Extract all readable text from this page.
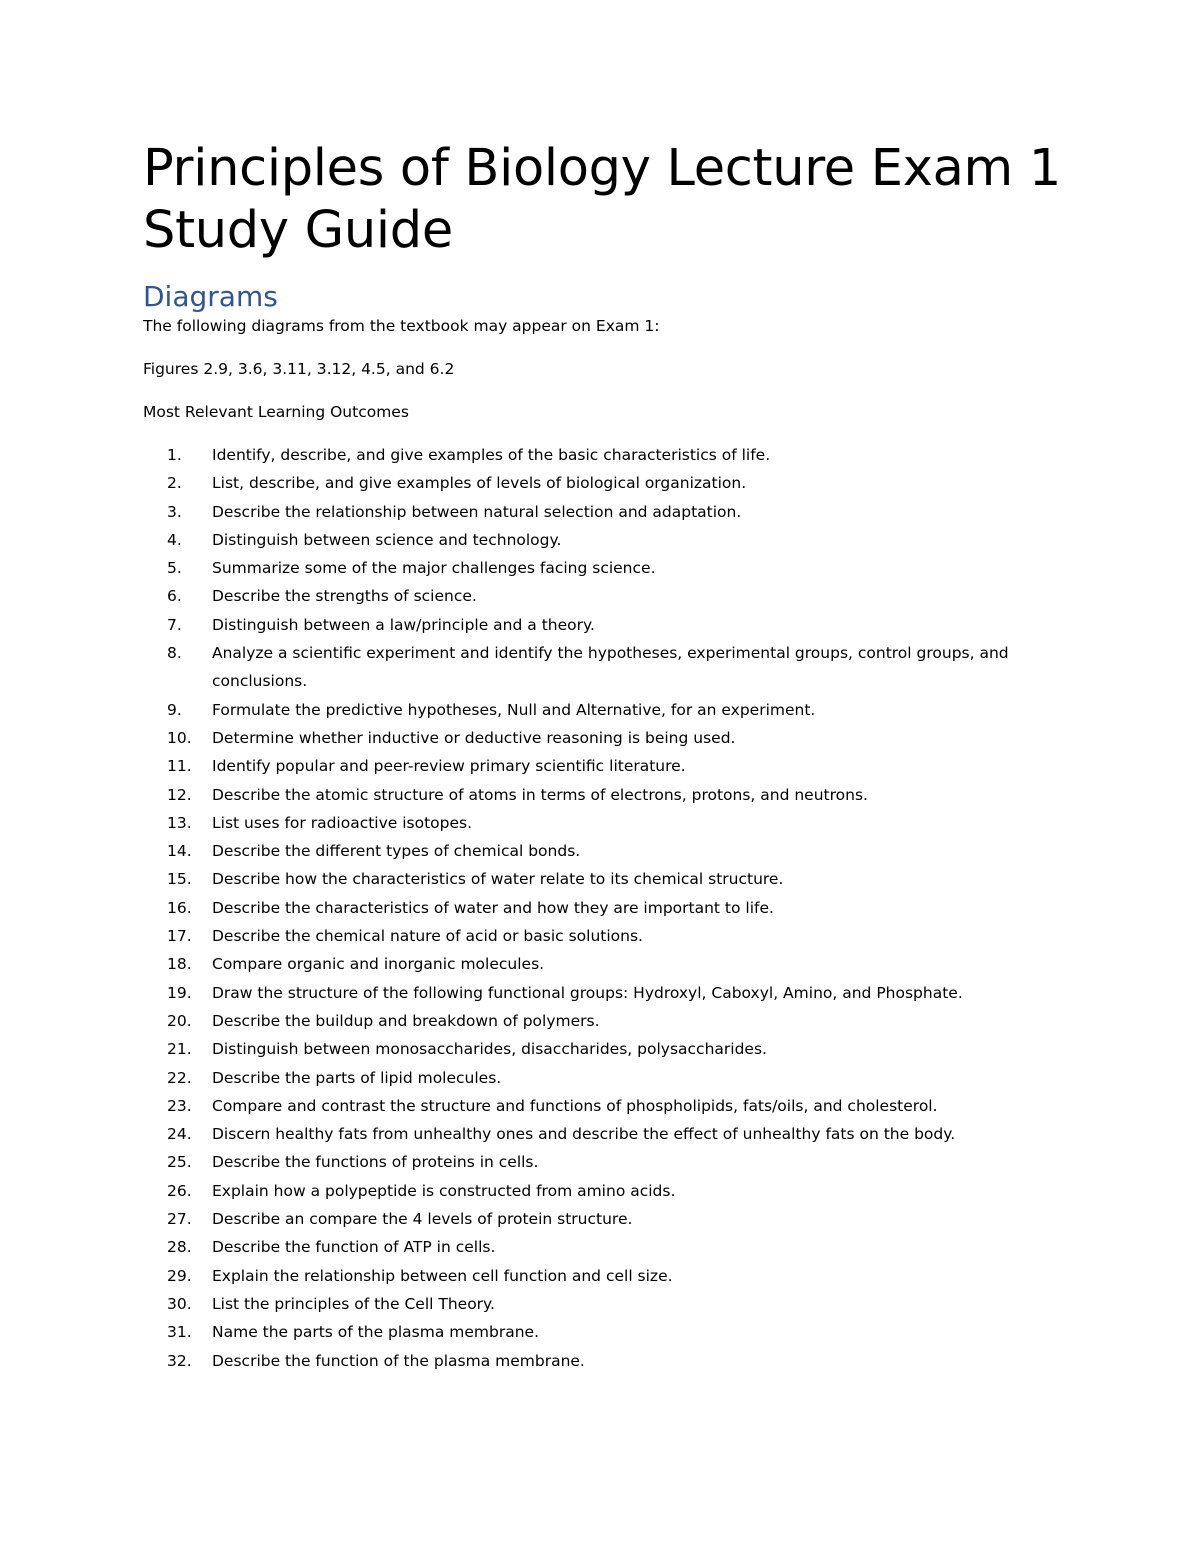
Principles of Biology Lecture Exam 1 Study Guide
Diagrams

The following diagrams from the textbook may appear on Exam 1:

Figures 2.9, 3.6, 3.11, 3.12, 4.5, and 6.2

Most Relevant Learning Outcomes

1.	Identify, describe, and give examples of the basic characteristics of life.
2.	List, describe, and give examples of levels of biological organization.
3.	Describe the relationship between natural selection and adaptation.
4.	Distinguish between science and technology.
5.	Summarize some of the major challenges facing science.
6.	Describe the strengths of science.
7.	Distinguish between a law/principle and a theory.
8.	Analyze a scientific experiment and identify the hypotheses, experimental groups, control groups, and conclusions.
9.	Formulate the predictive hypotheses, Null and Alternative, for an experiment.
10.	Determine whether inductive or deductive reasoning is being used.
11.	Identify popular and peer-review primary scientific literature.
12.	Describe the atomic structure of atoms in terms of electrons, protons, and neutrons.
13.	List uses for radioactive isotopes.
14.	Describe the different types of chemical bonds.
15.	Describe how the characteristics of water relate to its chemical structure.
16.	Describe the characteristics of water and how they are important to life.
17.	Describe the chemical nature of acid or basic solutions.
18.	Compare organic and inorganic molecules.
19.	Draw the structure of the following functional groups: Hydroxyl, Caboxyl, Amino, and Phosphate.
20.	Describe the buildup and breakdown of polymers.
21.	Distinguish between monosaccharides, disaccharides, polysaccharides.
22.	Describe the parts of lipid molecules.
23.	Compare and contrast the structure and functions of phospholipids, fats/oils, and cholesterol.
24.	Discern healthy fats from unhealthy ones and describe the effect of unhealthy fats on the body.
25.	Describe the functions of proteins in cells.
26.	Explain how a polypeptide is constructed from amino acids.
27.	Describe an compare the 4 levels of protein structure.
28.	Describe the function of ATP in cells.
29.	Explain the relationship between cell function and cell size.
30.	List the principles of the Cell Theory.
31.	Name the parts of the plasma membrane.
32.	Describe the function of the plasma membrane.
